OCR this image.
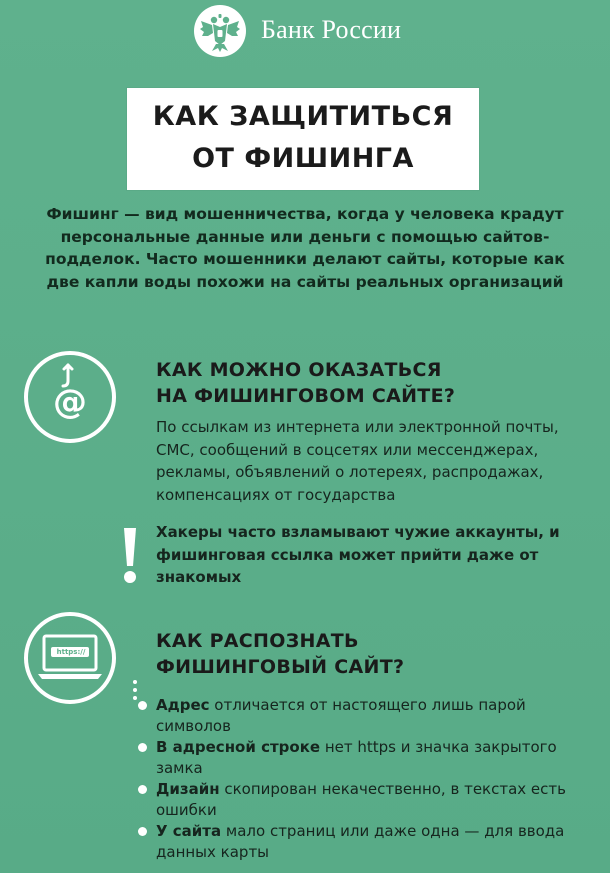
Банк России
КАК ЗАЩИТИТЬСЯ
ОТ ФИШИНГА
Фишинг — вид мошенничества, когда у человека крадут персональные данные или деньги с помощью сайтов-подделок. Часто мошенники делают сайты, которые как две капли воды похожи на сайты реальных организаций
@
КАК МОЖНО ОКАЗАТЬСЯ
НА ФИШИНГОВОМ САЙТЕ?
По ссылкам из интернета или электронной почты, СМС, сообщений в соцсетях или мессенджерах, рекламы, объявлений о лотереях, распродажах, компенсациях от государства
Хакеры часто взламывают чужие аккаунты, и фишинговая ссылка может прийти даже от знакомых
https://	КАК РАСПОЗНАТЬ
ФИШИНГОВЫЙ САЙТ?
Адрес отличается от настоящего лишь парой символов
В адресной строке нет https и значка закрытого замка
Дизайн скопирован некачественно, в текстах есть ошибки
У сайта мало страниц или даже одна — для ввода данных карты
